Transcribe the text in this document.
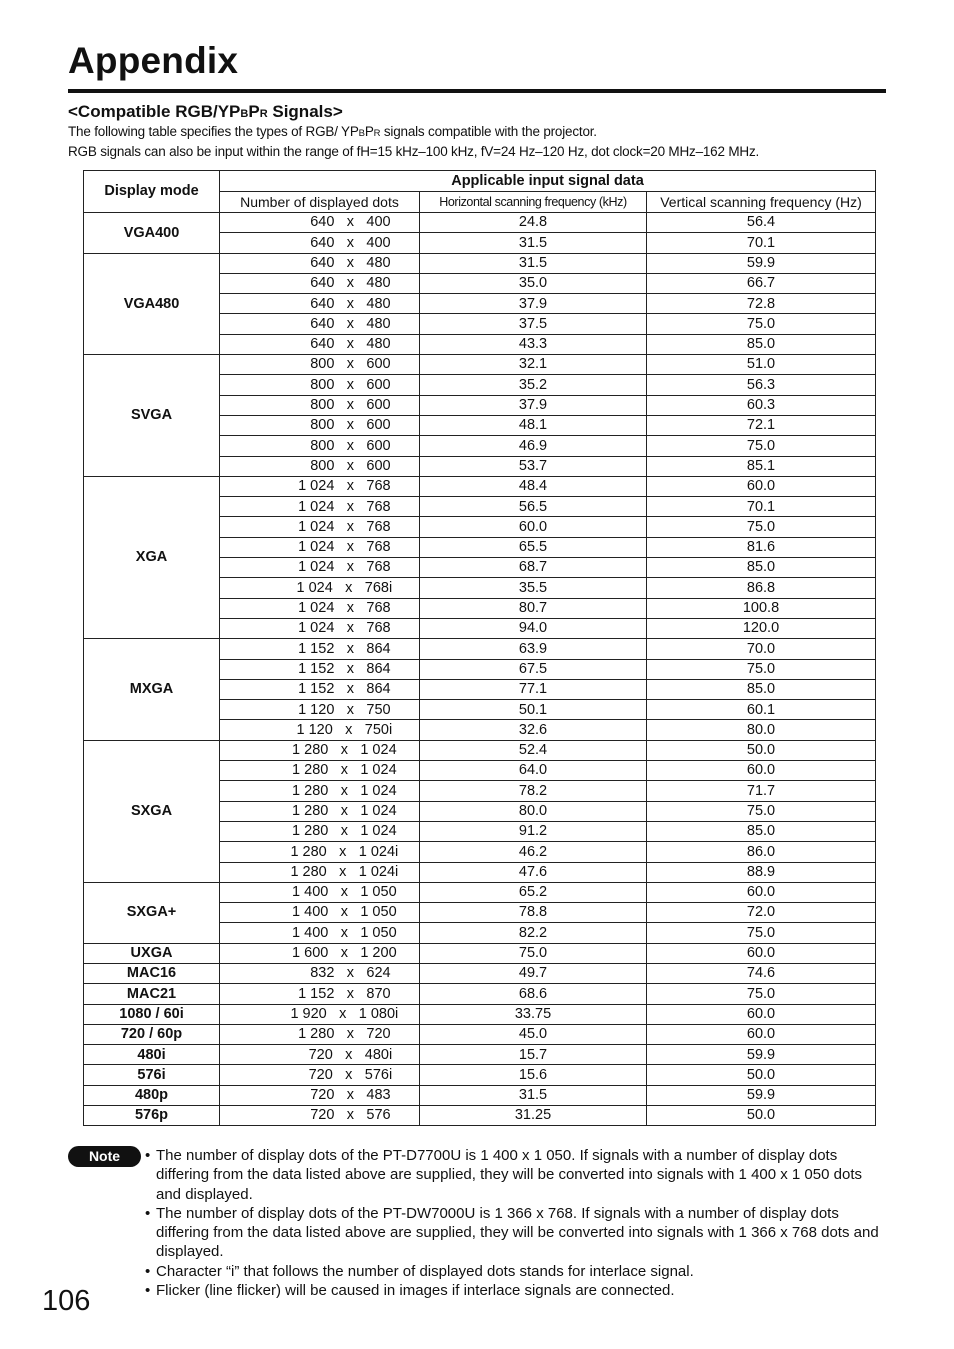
Appendix
<Compatible RGB/YPBPR Signals>
The following table specifies the types of RGB/ YPBPR signals compatible with the projector.
RGB signals can also be input within the range of fH=15 kHz–100 kHz, fV=24 Hz–120 Hz, dot clock=20 MHz–162 MHz.
Display mode	Applicable input signal data		
	Number of displayed dots	Horizontal scanning frequency (kHz)	Vertical scanning frequency (Hz)
VGA400	640 x 400	24.8	56.4
	640 x 400	31.5	70.1
VGA480	640 x 480	31.5	59.9
	640 x 480	35.0	66.7
	640 x 480	37.9	72.8
	640 x 480	37.5	75.0
	640 x 480	43.3	85.0
SVGA	800 x 600	32.1	51.0
	800 x 600	35.2	56.3
	800 x 600	37.9	60.3
	800 x 600	48.1	72.1
	800 x 600	46.9	75.0
	800 x 600	53.7	85.1
XGA	1 024 x 768	48.4	60.0
	1 024 x 768	56.5	70.1
	1 024 x 768	60.0	75.0
	1 024 x 768	65.5	81.6
	1 024 x 768	68.7	85.0
	1 024 x 768i	35.5	86.8
	1 024 x 768	80.7	100.8
	1 024 x 768	94.0	120.0
MXGA	1 152 x 864	63.9	70.0
	1 152 x 864	67.5	75.0
	1 152 x 864	77.1	85.0
	1 120 x 750	50.1	60.1
	1 120 x 750i	32.6	80.0
SXGA	1 280 x 1 024	52.4	50.0
	1 280 x 1 024	64.0	60.0
	1 280 x 1 024	78.2	71.7
	1 280 x 1 024	80.0	75.0
	1 280 x 1 024	91.2	85.0
	1 280 x 1 024i	46.2	86.0
	1 280 x 1 024i	47.6	88.9
SXGA+	1 400 x 1 050	65.2	60.0
	1 400 x 1 050	78.8	72.0
	1 400 x 1 050	82.2	75.0
UXGA	1 600 x 1 200	75.0	60.0
MAC16	832 x 624	49.7	74.6
MAC21	1 152 x 870	68.6	75.0
1080 / 60i	1 920 x 1 080i	33.75	60.0
720 / 60p	1 280 x 720	45.0	60.0
480i	720 x 480i	15.7	59.9
576i	720 x 576i	15.6	50.0
480p	720 x 483	31.5	59.9
576p	720 x 576	31.25	50.0
Note	• The number of display dots of the PT-D7700U is 1 400 x 1 050. If signals with a number of display dots differing from the data listed above are supplied, they will be converted into signals with 1 400 x 1 050 dots and displayed.
• The number of display dots of the PT-DW7000U is 1 366 x 768. If signals with a number of display dots differing from the data listed above are supplied, they will be converted into signals with 1 366 x 768 dots and displayed.
• Character “i” that follows the number of displayed dots stands for interlace signal.
• Flicker (line flicker) will be caused in images if interlace signals are connected.
106
